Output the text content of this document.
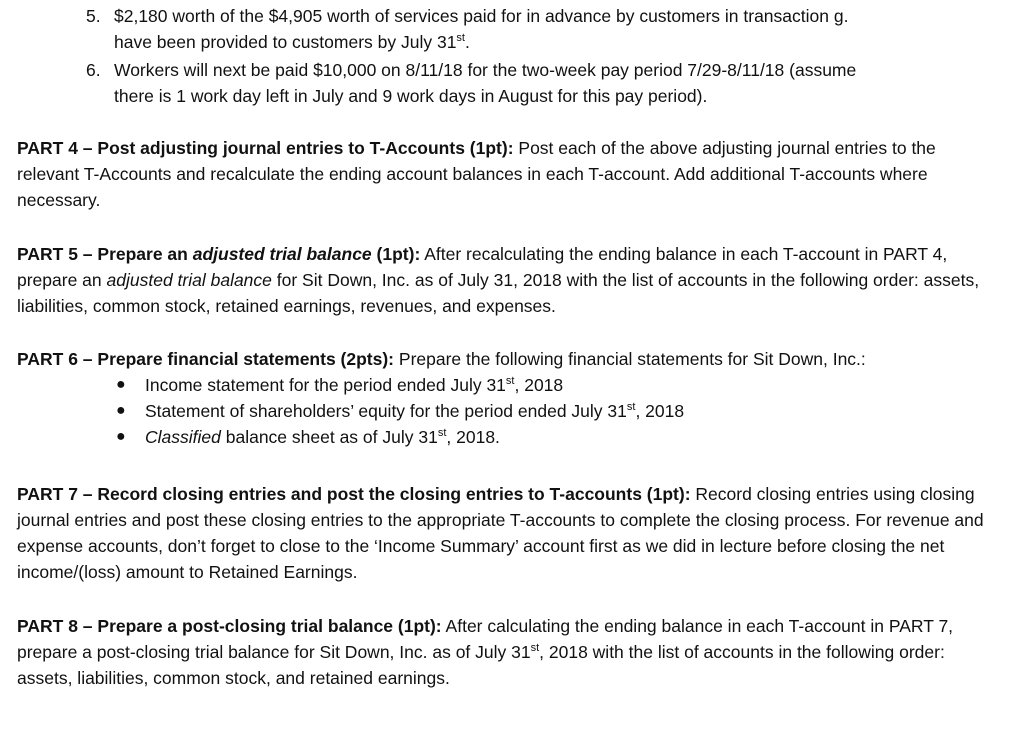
5. $2,180 worth of the $4,905 worth of services paid for in advance by customers in transaction g.
have been provided to customers by July 31st.
6. Workers will next be paid $10,000 on 8/11/18 for the two-week pay period 7/29-8/11/18 (assume
there is 1 work day left in July and 9 work days in August for this pay period).
PART 4 – Post adjusting journal entries to T-Accounts (1pt): Post each of the above adjusting journal entries to the relevant T-Accounts and recalculate the ending account balances in each T-account. Add additional T-accounts where necessary.
PART 5 – Prepare an adjusted trial balance (1pt): After recalculating the ending balance in each T-account in PART 4, prepare an adjusted trial balance for Sit Down, Inc. as of July 31, 2018 with the list of accounts in the following order: assets, liabilities, common stock, retained earnings, revenues, and expenses.
PART 6 – Prepare financial statements (2pts): Prepare the following financial statements for Sit Down, Inc.:
● Income statement for the period ended July 31st, 2018
● Statement of shareholders’ equity for the period ended July 31st, 2018
● Classified balance sheet as of July 31st, 2018.
PART 7 – Record closing entries and post the closing entries to T-accounts (1pt): Record closing entries using closing journal entries and post these closing entries to the appropriate T-accounts to complete the closing process. For revenue and expense accounts, don’t forget to close to the ‘Income Summary’ account first as we did in lecture before closing the net income/(loss) amount to Retained Earnings.
PART 8 – Prepare a post-closing trial balance (1pt): After calculating the ending balance in each T-account in PART 7, prepare a post-closing trial balance for Sit Down, Inc. as of July 31st, 2018 with the list of accounts in the following order: assets, liabilities, common stock, and retained earnings.
